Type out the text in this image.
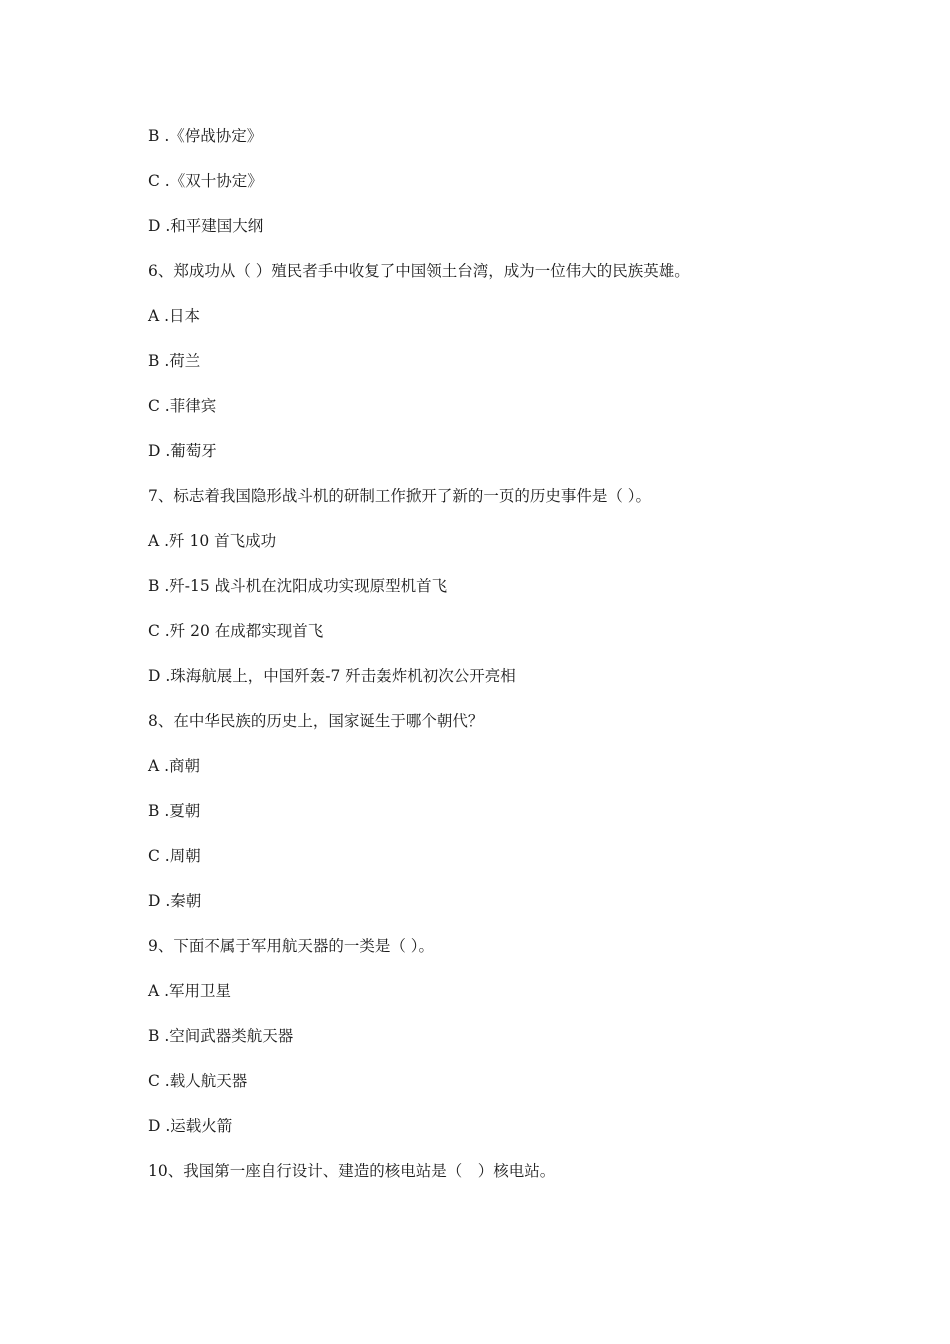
B .《停战协定》
C .《双十协定》
D .和平建国大纲
6、郑成功从（ ）殖民者手中收复了中国领土台湾，成为一位伟大的民族英雄。
A .日本
B .荷兰
C .菲律宾
D .葡萄牙
7、标志着我国隐形战斗机的研制工作掀开了新的一页的历史事件是（ ）。
A .歼 10 首飞成功
B .歼-15 战斗机在沈阳成功实现原型机首飞
C .歼 20 在成都实现首飞
D .珠海航展上，中国歼轰-7 歼击轰炸机初次公开亮相
8、在中华民族的历史上，国家诞生于哪个朝代？
A .商朝
B .夏朝
C .周朝
D .秦朝
9、下面不属于军用航天器的一类是（ ）。
A .军用卫星
B .空间武器类航天器
C .载人航天器
D .运载火箭
10、我国第一座自行设计、建造的核电站是（　）核电站。
